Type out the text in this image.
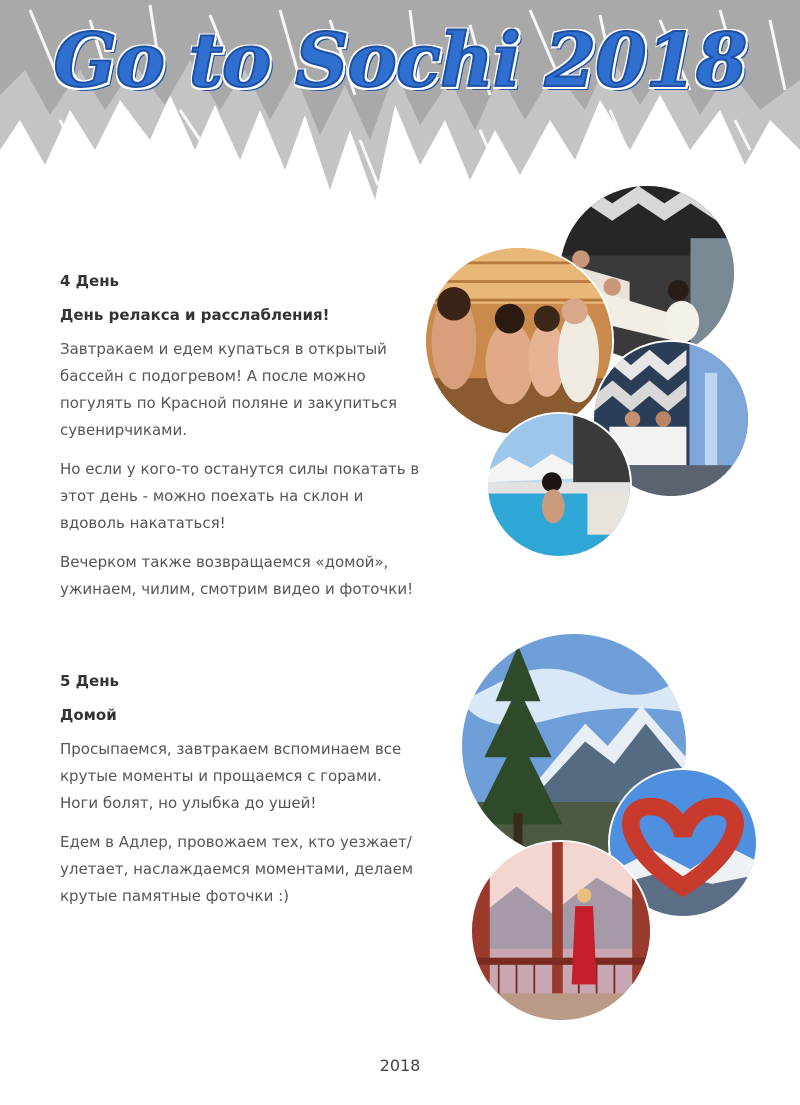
Go to Sochi 2018
4 День
День релакса и расслабления!

Завтракаем и едем купаться в открытый бассейн с подогревом! А после можно погулять по Красной поляне и закупиться сувенирчиками.

Но если у кого-то останутся силы покатать в этот день - можно поехать на склон и вдоволь накататься!

Вечерком также возвращаемся «домой», ужинаем, чилим, смотрим видео и фоточки!

5 День
Домой

Просыпаемся, завтракаем вспоминаем все крутые моменты и прощаемся с горами. Ноги болят, но улыбка до ушей!

Едем в Адлер, провожаем тех, кто уезжает/ улетает, наслаждаемся моментами, делаем крутые памятные фоточки :)

2018
